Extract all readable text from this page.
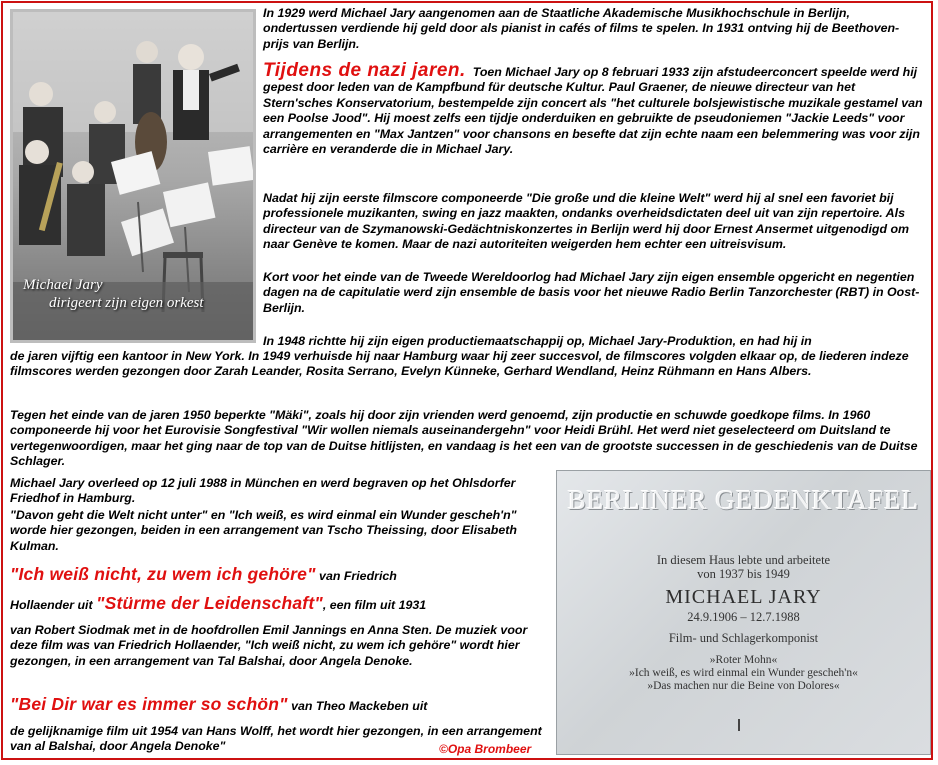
Michael Jary
dirigeert zijn eigen orkest
In 1929 werd Michael Jary aangenomen aan de Staatliche Akademische Musikhochschule in Berlijn, ondertussen verdiende hij geld door als pianist in cafés of films te spelen. In 1931 ontving hij de Beethoven-prijs van Berlijn.
Tijdens de nazi jaren. Toen Michael Jary op 8 februari 1933 zijn afstudeerconcert speelde werd hij gepest door leden van de Kampfbund für deutsche Kultur. Paul Graener, de nieuwe directeur van het Stern'sches Konservatorium, bestempelde zijn concert als "het culturele bolsjewistische muzikale gestamel van een Poolse Jood". Hij moest zelfs een tijdje onderduiken en gebruikte de pseudoniemen "Jackie Leeds" voor arrangementen en "Max Jantzen" voor chansons en besefte dat zijn echte naam een belemmering was voor zijn carrière en veranderde die in Michael Jary.
Nadat hij zijn eerste filmscore componeerde "Die große und die kleine Welt" werd hij al snel een favoriet bij professionele muzikanten, swing en jazz maakten, ondanks overheidsdictaten deel uit van zijn repertoire. Als directeur van de Szymanowski-Gedächtniskonzertes in Berlijn werd hij door Ernest Ansermet uitgenodigd om naar Genève te komen. Maar de nazi autoriteiten weigerden hem echter een uitreisvisum.
Kort voor het einde van de Tweede Wereldoorlog had Michael Jary zijn eigen ensemble opgericht en negentien dagen na de capitulatie werd zijn ensemble de basis voor het nieuwe Radio Berlin Tanzorchester (RBT) in Oost-Berlijn.
In 1948 richtte hij zijn eigen productiemaatschappij op, Michael Jary-Produktion, en had hij in
de jaren vijftig een kantoor in New York. In 1949 verhuisde hij naar Hamburg waar hij zeer succesvol, de filmscores volgden elkaar op, de liederen indeze filmscores werden gezongen door Zarah Leander, Rosita Serrano, Evelyn Künneke, Gerhard Wendland, Heinz Rühmann en Hans Albers.
Tegen het einde van de jaren 1950 beperkte "Mäki", zoals hij door zijn vrienden werd genoemd, zijn productie en schuwde goedkope films. In 1960 componeerde hij voor het Eurovisie Songfestival "Wir wollen niemals auseinandergehn" voor Heidi Brühl. Het werd niet geselecteerd om Duitsland te vertegenwoordigen, maar het ging naar de top van de Duitse hitlijsten, en vandaag is het een van de grootste successen in de geschiedenis van de Duitse Schlager.
Michael Jary overleed op 12 juli 1988 in München en werd begraven op het Ohlsdorfer Friedhof in Hamburg.
"Davon geht die Welt nicht unter" en "Ich weiß, es wird einmal ein Wunder gescheh'n" worde hier gezongen, beiden in een arrangement van Tscho Theissing, door Elisabeth Kulman.
"Ich weiß nicht, zu wem ich gehöre" van Friedrich
Hollaender uit "Stürme der Leidenschaft", een film uit 1931
van Robert Siodmak met in de hoofdrollen Emil Jannings en Anna Sten. De muziek voor deze film was van Friedrich Hollaender, "Ich weiß nicht, zu wem ich gehöre" wordt hier gezongen, in een arrangement van Tal Balshai, door Angela Denoke.
"Bei Dir war es immer so schön" van Theo Mackeben uit
de gelijknamige film uit 1954 van Hans Wolff, het wordt hier gezongen, in een arrangement van al Balshai, door Angela Denoke"	©Opa Brombeer
BERLINER GEDENKTAFEL
In diesem Haus lebte und arbeitete
von 1937 bis 1949
MICHAEL JARY
24.9.1906 – 12.7.1988
Film- und Schlagerkomponist
»Roter Mohn«
»Ich weiß, es wird einmal ein Wunder gescheh'n«
»Das machen nur die Beine von Dolores«
